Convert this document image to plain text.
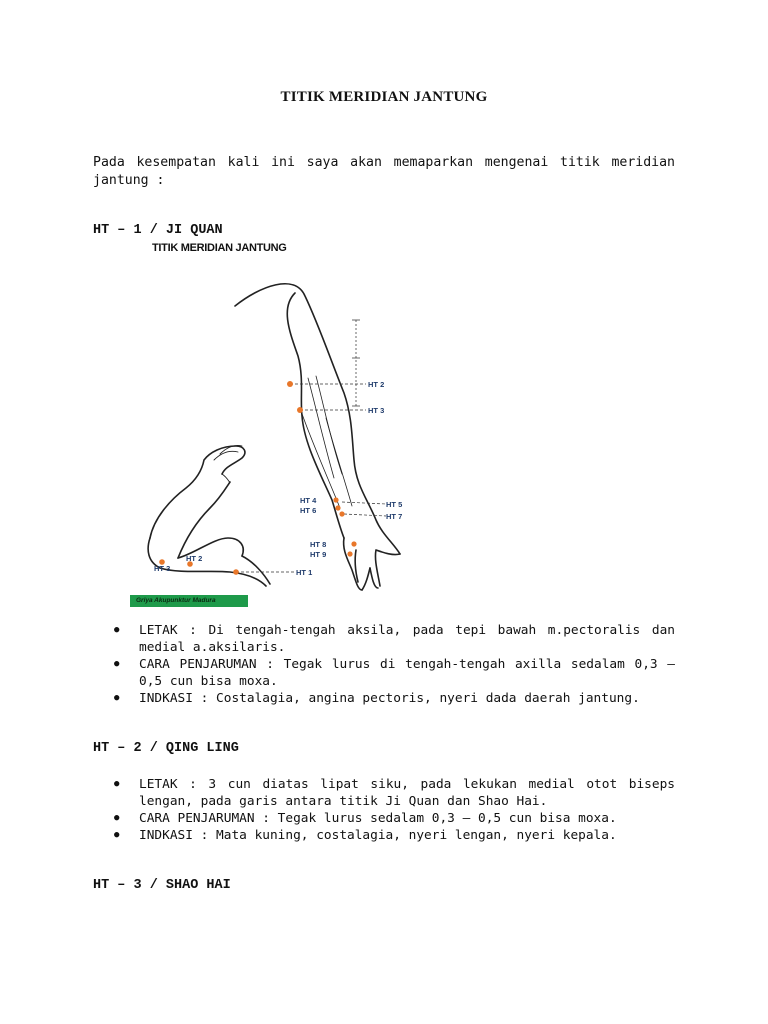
TITIK MERIDIAN JANTUNG
Pada kesempatan kali ini saya akan memaparkan mengenai titik meridian jantung :
HT – 1 / JI QUAN
TITIK MERIDIAN JANTUNG
HT 2
HT 3
HT 4
HT 6
HT 5
HT 7
HT 8
HT 9
HT 2
HT 3	HT 1
Griya Akupunktur Madura
● LETAK : Di tengah-tengah aksila, pada tepi bawah m.pectoralis dan medial a.aksilaris.
● CARA PENJARUMAN : Tegak lurus di tengah-tengah axilla sedalam 0,3 – 0,5 cun bisa moxa.
● INDKASI : Costalagia, angina pectoris, nyeri dada daerah jantung.
HT – 2 / QING LING
● LETAK : 3 cun diatas lipat siku, pada lekukan medial otot biseps lengan, pada garis antara titik Ji Quan dan Shao Hai.
● CARA PENJARUMAN : Tegak lurus sedalam 0,3 – 0,5 cun bisa moxa.
● INDKASI : Mata kuning, costalagia, nyeri lengan, nyeri kepala.
HT – 3 / SHAO HAI
